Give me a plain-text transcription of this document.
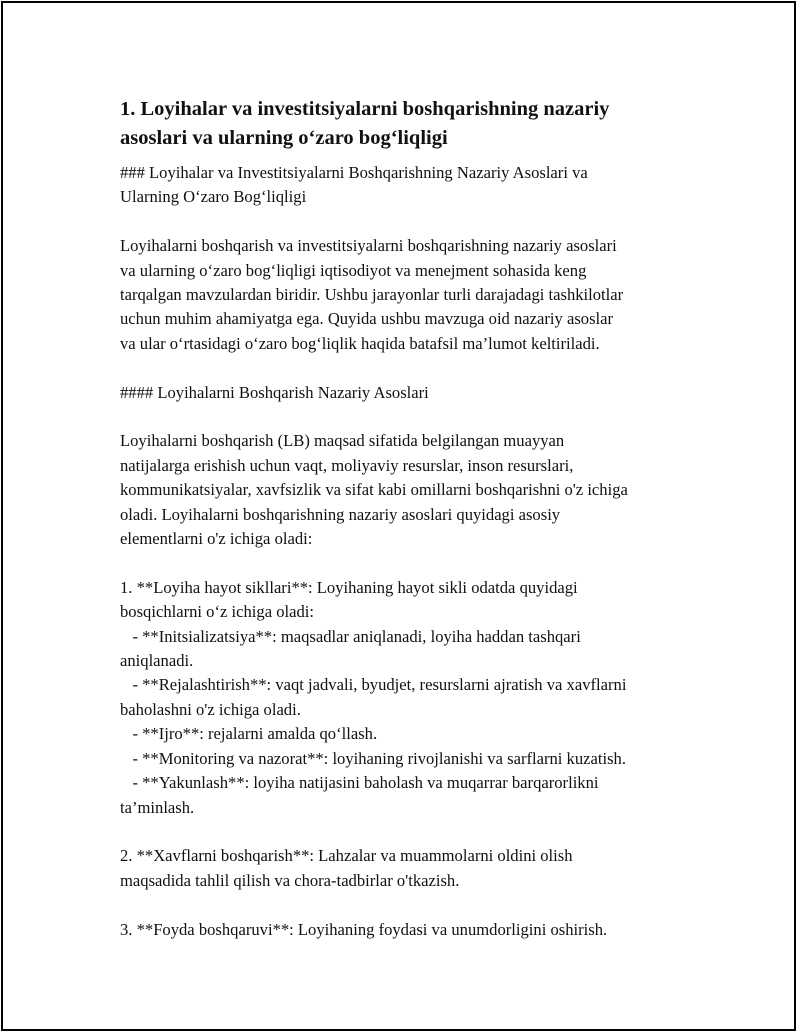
1. Loyihalar va investitsiyalarni boshqarishning nazariy
asoslari va ularning o‘zaro bog‘liqligi

### Loyihalar va Investitsiyalarni Boshqarishning Nazariy Asoslari va

Ularning O‘zaro Bog‘liqligi

Loyihalarni boshqarish va investitsiyalarni boshqarishning nazariy asoslari

va ularning o‘zaro bog‘liqligi iqtisodiyot va menejment sohasida keng

tarqalgan mavzulardan biridir. Ushbu jarayonlar turli darajadagi tashkilotlar

uchun muhim ahamiyatga ega. Quyida ushbu mavzuga oid nazariy asoslar

va ular o‘rtasidagi o‘zaro bog‘liqlik haqida batafsil ma’lumot keltiriladi.

#### Loyihalarni Boshqarish Nazariy Asoslari

Loyihalarni boshqarish (LB) maqsad sifatida belgilangan muayyan

natijalarga erishish uchun vaqt, moliyaviy resurslar, inson resurslari,

kommunikatsiyalar, xavfsizlik va sifat kabi omillarni boshqarishni o'z ichiga

oladi. Loyihalarni boshqarishning nazariy asoslari quyidagi asosiy

elementlarni o'z ichiga oladi:

1. **Loyiha hayot sikllari**: Loyihaning hayot sikli odatda quyidagi

bosqichlarni o‘z ichiga oladi:

- **Initsializatsiya**: maqsadlar aniqlanadi, loyiha haddan tashqari

aniqlanadi.

- **Rejalashtirish**: vaqt jadvali, byudjet, resurslarni ajratish va xavflarni

baholashni o'z ichiga oladi.

- **Ijro**: rejalarni amalda qo‘llash.

- **Monitoring va nazorat**: loyihaning rivojlanishi va sarflarni kuzatish.

- **Yakunlash**: loyiha natijasini baholash va muqarrar barqarorlikni

ta’minlash.

2. **Xavflarni boshqarish**: Lahzalar va muammolarni oldini olish

maqsadida tahlil qilish va chora-tadbirlar o'tkazish.

3. **Foyda boshqaruvi**: Loyihaning foydasi va unumdorligini oshirish.
